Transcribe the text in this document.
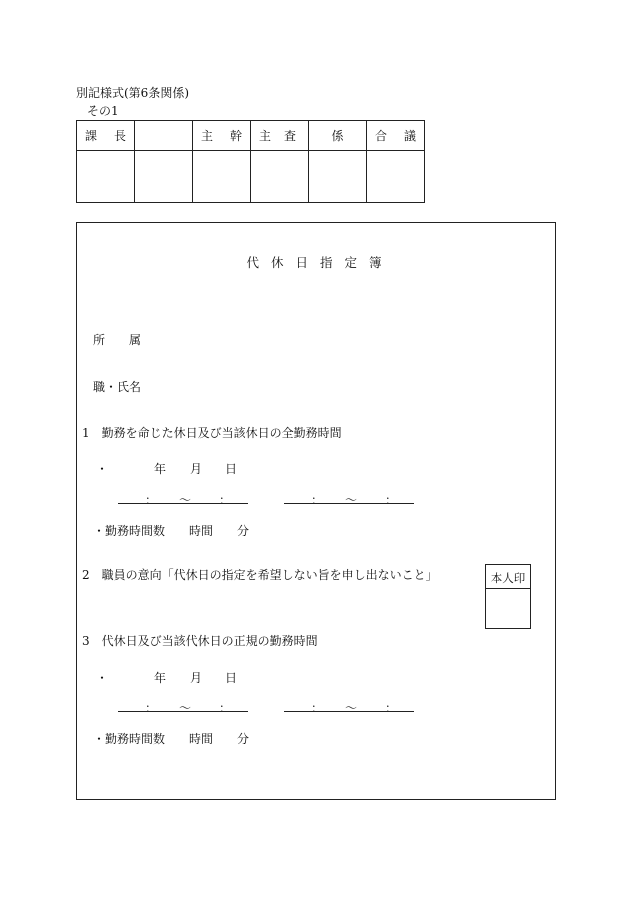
別記様式(第6条関係)
その1
課 長		主 幹	主 査	係	合 議

代休日指定簿
所　　属
職・氏名
1　勤務を命じた休日及び当該休日の全勤務時間
・	年 月 日
：　〜　：	：　〜　：
・勤務時間数　　時間　　分
2　職員の意向「代休日の指定を希望しない旨を申し出ないこと」	本人印
3　代休日及び当該代休日の正規の勤務時間
・	年 月 日
：　〜　：	：　〜　：
・勤務時間数　　時間　　分
